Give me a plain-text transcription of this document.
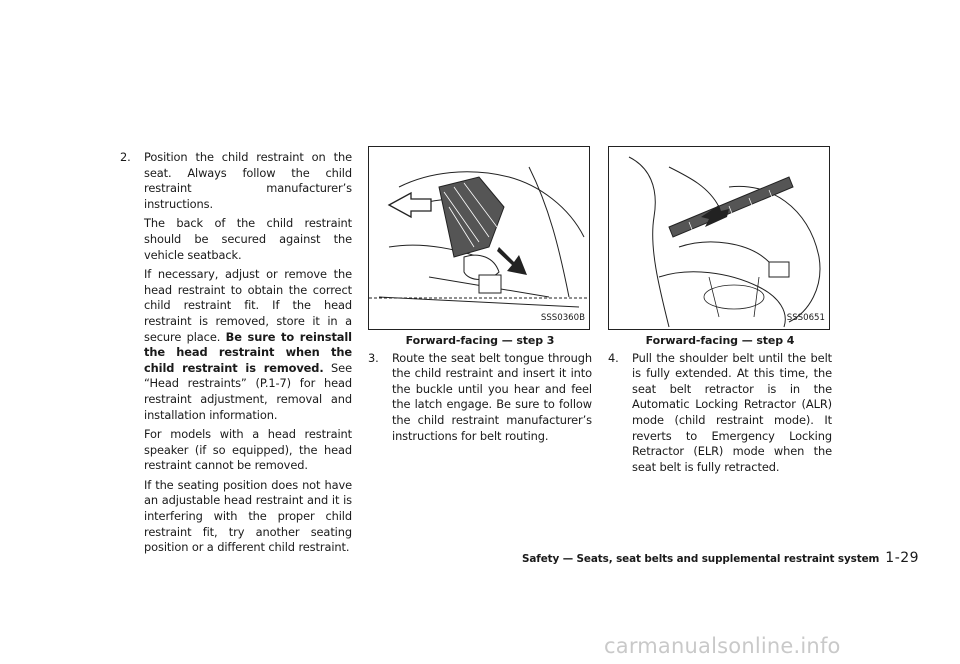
2. Position the child restraint on the seat. Always follow the child restraint manufacturer’s instructions.

The back of the child restraint should be secured against the vehicle seatback.

If necessary, adjust or remove the head restraint to obtain the correct child restraint fit. If the head restraint is removed, store it in a secure place. Be sure to reinstall the head restraint when the child restraint is removed. See “Head restraints” (P.1-7) for head restraint adjustment, removal and installation information.

For models with a head restraint speaker (if so equipped), the head restraint cannot be removed.

If the seating position does not have an adjustable head restraint and it is interfering with the proper child restraint fit, try another seating position or a different child restraint.

SSS0360B
Forward-facing — step 3

3. Route the seat belt tongue through the child restraint and insert it into the buckle until you hear and feel the latch engage. Be sure to follow the child restraint manufacturer’s instructions for belt routing.

SSS0651
Forward-facing — step 4

4. Pull the shoulder belt until the belt is fully extended. At this time, the seat belt retractor is in the Automatic Locking Retractor (ALR) mode (child restraint mode). It reverts to Emergency Locking Retractor (ELR) mode when the seat belt is fully retracted.

Safety — Seats, seat belts and supplemental restraint system 1-29
carmanualsonline.info
